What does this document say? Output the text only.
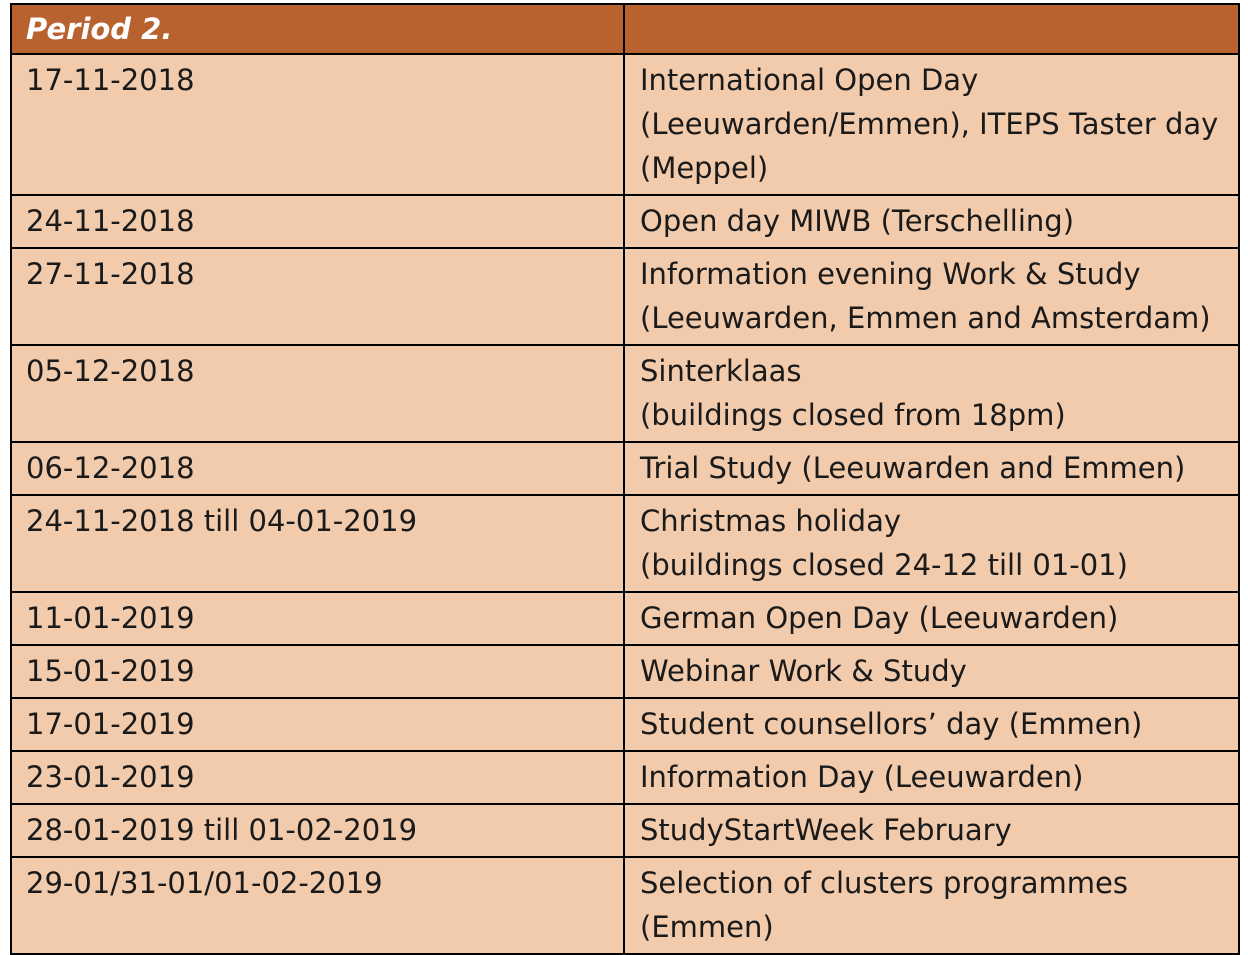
Period 2.	
17-11-2018	International Open Day
(Leeuwarden/Emmen), ITEPS Taster day
(Meppel)

24-11-2018	Open day MIWB (Terschelling)

27-11-2018	Information evening Work & Study
(Leeuwarden, Emmen and Amsterdam)

05-12-2018	Sinterklaas
(buildings closed from 18pm)

06-12-2018	Trial Study (Leeuwarden and Emmen)

24-11-2018 till 04-01-2019	Christmas holiday
(buildings closed 24-12 till 01-01)

11-01-2019	German Open Day (Leeuwarden)

15-01-2019	Webinar Work & Study

17-01-2019	Student counsellors’ day (Emmen)

23-01-2019	Information Day (Leeuwarden)

28-01-2019 till 01-02-2019	StudyStartWeek February

29-01/31-01/01-02-2019	Selection of clusters programmes
(Emmen)
